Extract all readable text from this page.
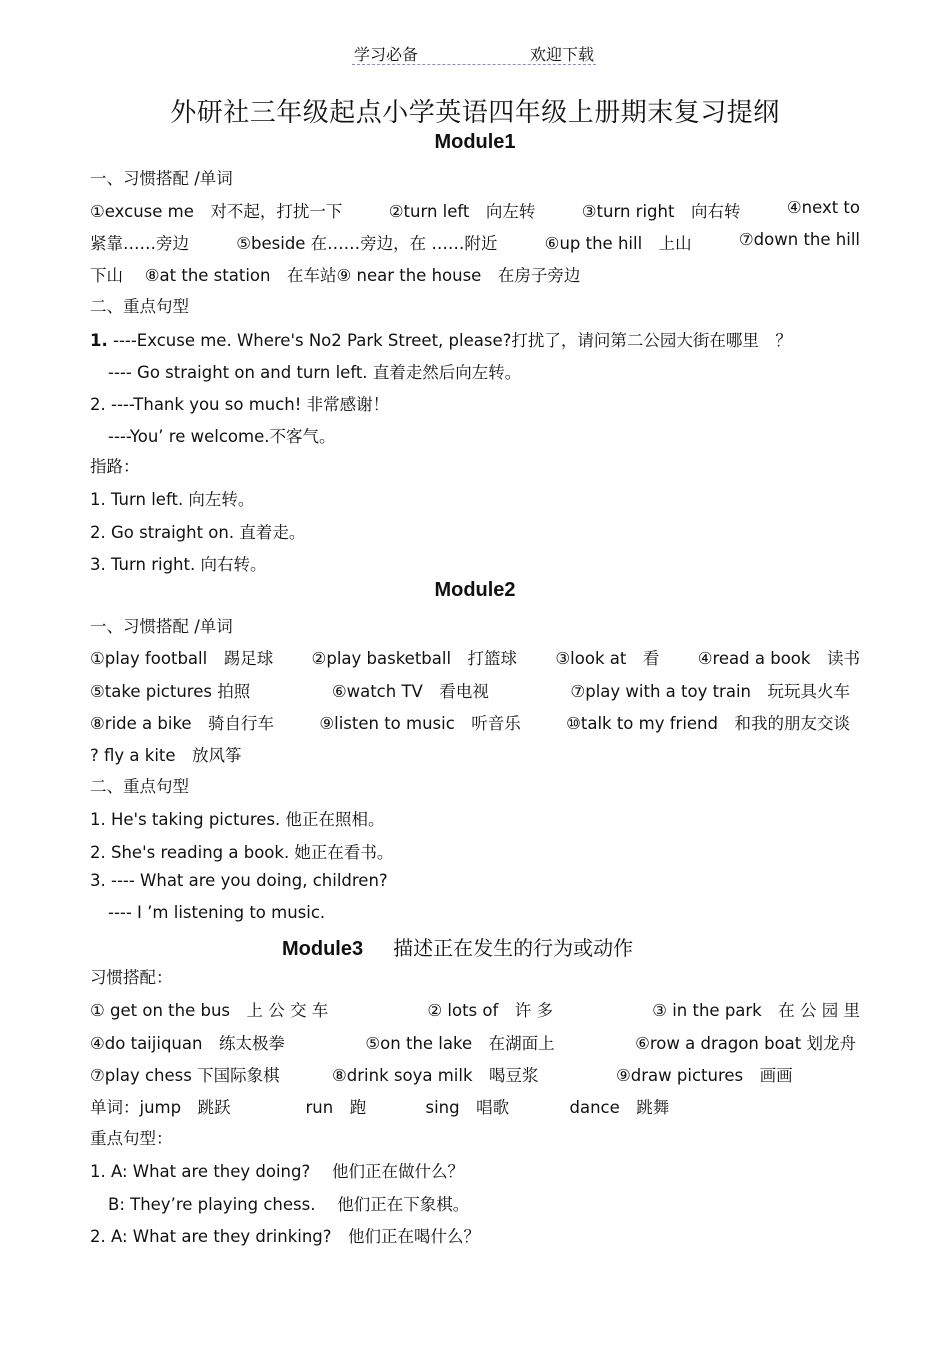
学习必备	欢迎下载
外研社三年级起点小学英语四年级上册期末复习提纲
Module1
一、习惯搭配 /单词
①excuse me　对不起，打扰一下	②turn left　向左转	③turn right　向右转	④next to
紧靠……旁边	⑤beside 在……旁边，在 ……附近	⑥up the hill　上山	⑦down the hill
下山　 ⑧at the station　在车站⑨ near the house　在房子旁边
二、重点句型
1. ----Excuse me. Where's No2 Park Street, please?打扰了，请问第二公园大街在哪里　？
---- Go straight on and turn left. 直着走然后向左转。
2. ----Thank you so much! 非常感谢！
----You’ re welcome.不客气。
指路：
1. Turn left. 向左转。
2. Go straight on. 直着走。
3. Turn right. 向右转。
Module2
一、习惯搭配 /单词
①play football　踢足球 ②play basketball　打篮球 ③look at　看 ④read a book　读书
⑤take pictures 拍照	⑥watch TV　看电视	⑦play with a toy train　玩玩具火车
⑧ride a bike　骑自行车	⑨listen to music　听音乐	⑩talk to my friend　和我的朋友交谈
? fly a kite　放风筝
二、重点句型
1. He's taking pictures. 他正在照相。
2. She's reading a book. 她正在看书。
3. ---- What are you doing, children?
---- I ’m listening to music.
Module3 描述正在发生的行为或动作
习惯搭配：
① get on the bus　上 公 交 车	② lots of　许 多	③ in the park　在 公 园 里
④do taijiquan　练太极拳	⑤on the lake　在湖面上	⑥row a dragon boat 划龙舟
⑦play chess 下国际象棋	⑧drink soya milk　喝豆浆	⑨draw pictures　画画
单词：jump　跳跃	run　跑	sing　唱歌	dance　跳舞
重点句型：
1. A: What are they doing?　 他们正在做什么？
B: They’re playing chess.　 他们正在下象棋。
2. A: What are they drinking?　他们正在喝什么？
